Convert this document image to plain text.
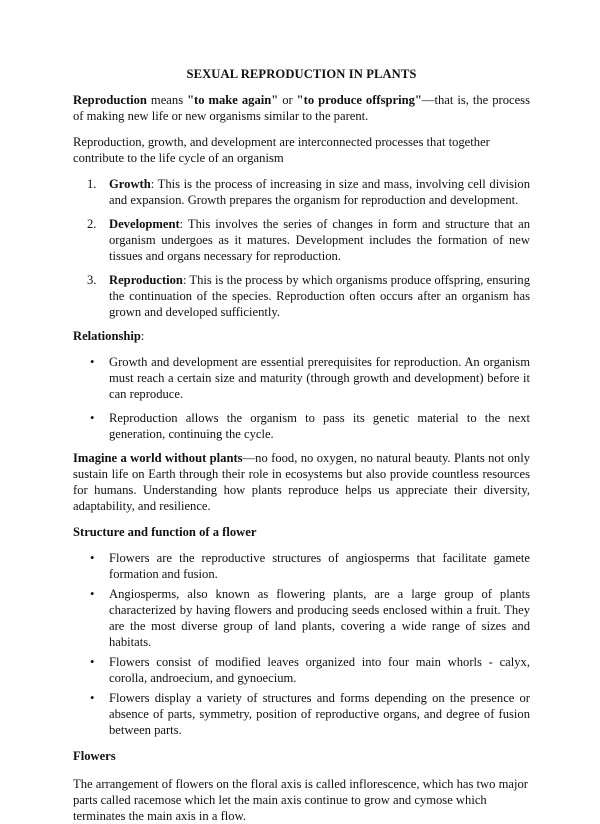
SEXUAL REPRODUCTION IN PLANTS

Reproduction means "to make again" or "to produce offspring"—that is, the process of making new life or new organisms similar to the parent.

Reproduction, growth, and development are interconnected processes that together contribute to the life cycle of an organism

1. Growth: This is the process of increasing in size and mass, involving cell division and expansion. Growth prepares the organism for reproduction and development.
2. Development: This involves the series of changes in form and structure that an organism undergoes as it matures. Development includes the formation of new tissues and organs necessary for reproduction.
3. Reproduction: This is the process by which organisms produce offspring, ensuring the continuation of the species. Reproduction often occurs after an organism has grown and developed sufficiently.
Relationship:
• Growth and development are essential prerequisites for reproduction. An organism must reach a certain size and maturity (through growth and development) before it can reproduce.
• Reproduction allows the organism to pass its genetic material to the next generation, continuing the cycle.

Imagine a world without plants—no food, no oxygen, no natural beauty. Plants not only sustain life on Earth through their role in ecosystems but also provide countless resources for humans. Understanding how plants reproduce helps us appreciate their diversity, adaptability, and resilience.

Structure and function of a flower
• Flowers are the reproductive structures of angiosperms that facilitate gamete formation and fusion.
• Angiosperms, also known as flowering plants, are a large group of plants characterized by having flowers and producing seeds enclosed within a fruit. They are the most diverse group of land plants, covering a wide range of sizes and habitats.
• Flowers consist of modified leaves organized into four main whorls - calyx, corolla, androecium, and gynoecium.
• Flowers display a variety of structures and forms depending on the presence or absence of parts, symmetry, position of reproductive organs, and degree of fusion between parts.
Flowers

The arrangement of flowers on the floral axis is called inflorescence, which has two major parts called racemose which let the main axis continue to grow and cymose which terminates the main axis in a flow.
